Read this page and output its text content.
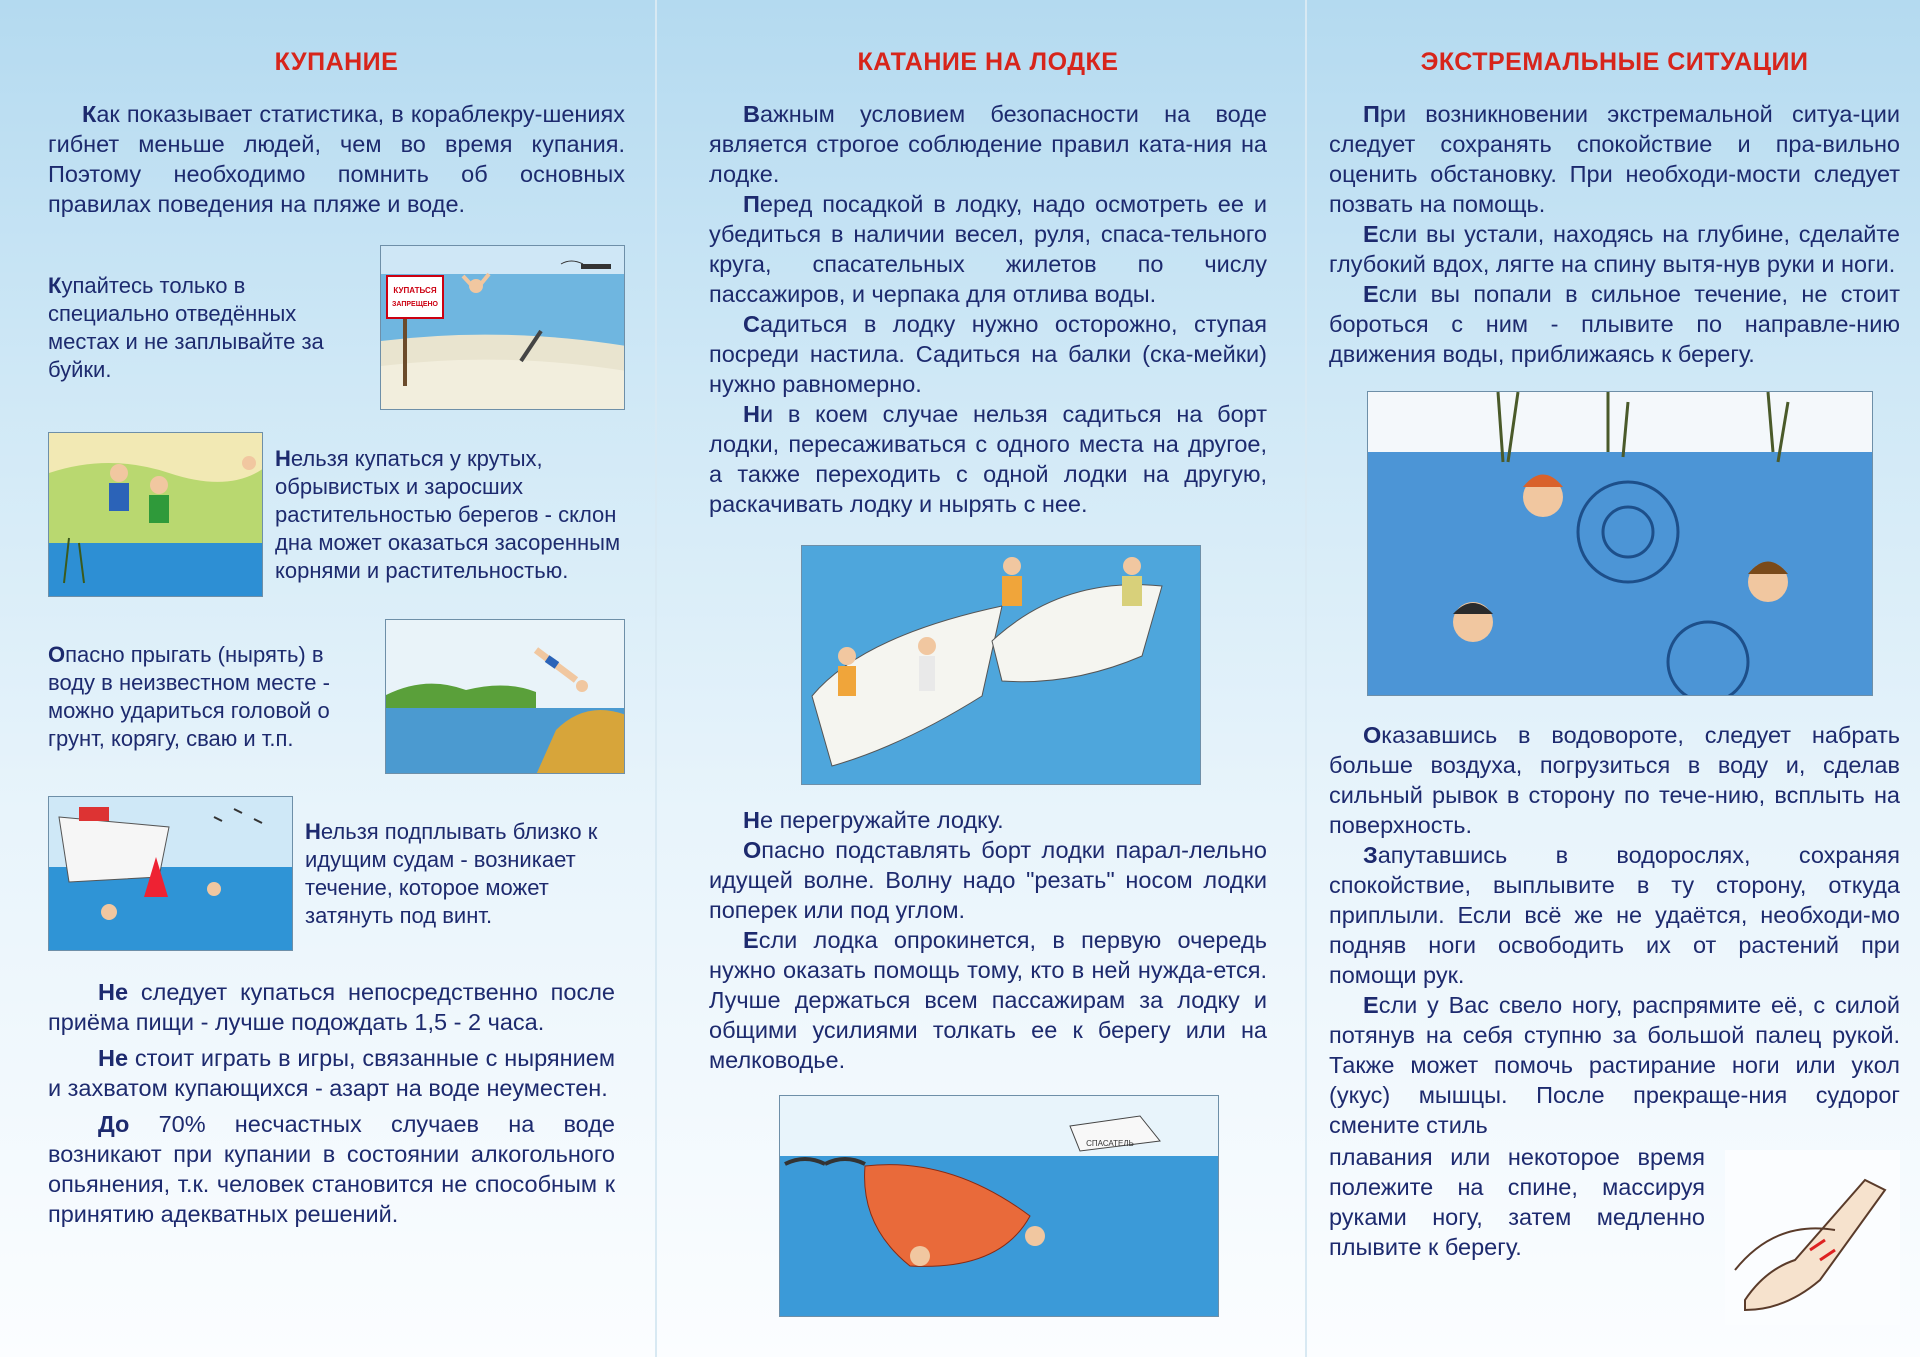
КУПАНИЕ

Как показывает статистика, в кораблекру-шениях гибнет меньше людей, чем во время купания. Поэтому необходимо помнить об основных правилах поведения на пляже и воде.

Купайтесь только в специально отведённых местах и не заплывайте за буйки.
КУПАТЬСЯ
ЗАПРЕЩЕНО
Нельзя купаться у крутых, обрывистых и заросших растительностью берегов - склон дна может оказаться засоренным корнями и растительностью.
Опасно прыгать (нырять) в воду в неизвестном месте - можно удариться головой о грунт, корягу, сваю и т.п.
Нельзя подплывать близко к идущим судам - возникает течение, которое может затянуть под винт.

Не следует купаться непосредственно после приёма пищи - лучше подождать 1,5 - 2 часа.

Не стоит играть в игры, связанные с нырянием и захватом купающихся - азарт на воде неуместен.

До 70% несчастных случаев на воде возникают при купании в состоянии алкогольного опьянения, т.к. человек становится не способным к принятию адекватных решений.

КАТАНИЕ НА ЛОДКЕ

Важным условием безопасности на воде является строгое соблюдение правил ката-ния на лодке.

Перед посадкой в лодку, надо осмотреть ее и убедиться в наличии весел, руля, спаса-тельного круга, спасательных жилетов по числу пассажиров, и черпака для отлива воды.

Садиться в лодку нужно осторожно, ступая посреди настила. Садиться на балки (ска-мейки) нужно равномерно.

Ни в коем случае нельзя садиться на борт лодки, пересаживаться с одного места на другое, а также переходить с одной лодки на другую, раскачивать лодку и нырять с нее.

Не перегружайте лодку.

Опасно подставлять борт лодки парал-лельно идущей волне. Волну надо "резать" носом лодки поперек или под углом.

Если лодка опрокинется, в первую очередь нужно оказать помощь тому, кто в ней нужда-ется. Лучше держаться всем пассажирам за лодку и общими усилиями толкать ее к берегу или на мелководье.

СПАСАТЕЛЬ
ЭКСТРЕМАЛЬНЫЕ СИТУАЦИИ

При возникновении экстремальной ситуа-ции следует сохранять спокойствие и пра-вильно оценить обстановку. При необходи-мости следует позвать на помощь.

Если вы устали, находясь на глубине, сделайте глубокий вдох, лягте на спину вытя-нув руки и ноги.

Если вы попали в сильное течение, не стоит бороться с ним - плывите по направле-нию движения воды, приближаясь к берегу.

Оказавшись в водовороте, следует набрать больше воздуха, погрузиться в воду и, сделав сильный рывок в сторону по тече-нию, всплыть на поверхность.

Запутавшись в водорослях, сохраняя спокойствие, выплывите в ту сторону, откуда приплыли. Если всё же не удаётся, необходи-мо подняв ноги освободить их от растений при помощи рук.

Если у Вас свело ногу, распрямите её, с силой потянув на себя ступню за большой палец рукой. Также может помочь растирание ноги или укол (укус) мышцы. После прекраще-ния судорог смените стиль

плавания или некоторое время полежите на спине, массируя руками ногу, затем медленно плывите к берегу.
